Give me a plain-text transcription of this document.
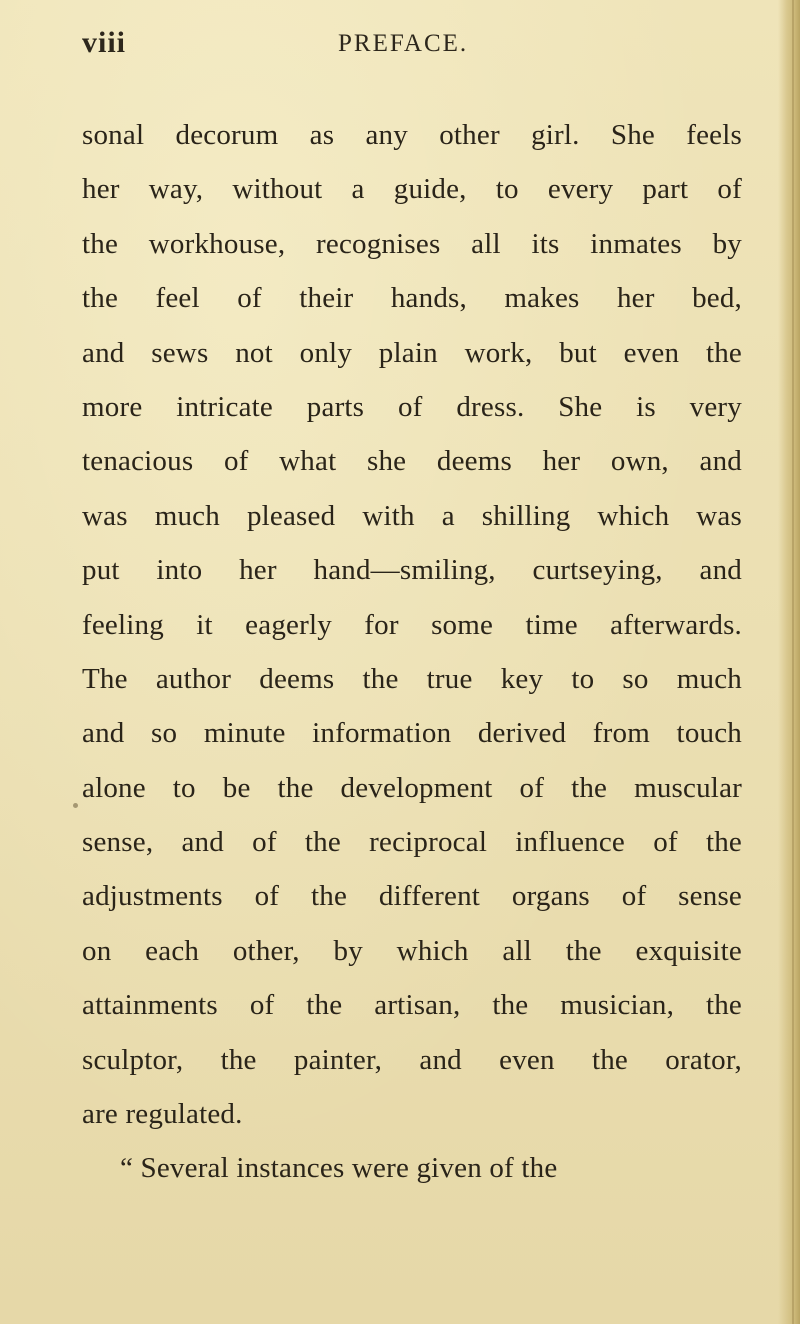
viii	PREFACE.
sonal decorum as any other girl. She feels
her way, without a guide, to every part of
the workhouse, recognises all its inmates by
the feel of their hands, makes her bed,
and sews not only plain work, but even the
more intricate parts of dress. She is very
tenacious of what she deems her own, and
was much pleased with a shilling which was
put into her hand—smiling, curtseying, and
feeling it eagerly for some time afterwards.
The author deems the true key to so much
and so minute information derived from touch
alone to be the development of the muscular
sense, and of the reciprocal influence of the
adjustments of the different organs of sense
on each other, by which all the exquisite
attainments of the artisan, the musician, the
sculptor, the painter, and even the orator,
are regulated.
“ Several instances were given of the
